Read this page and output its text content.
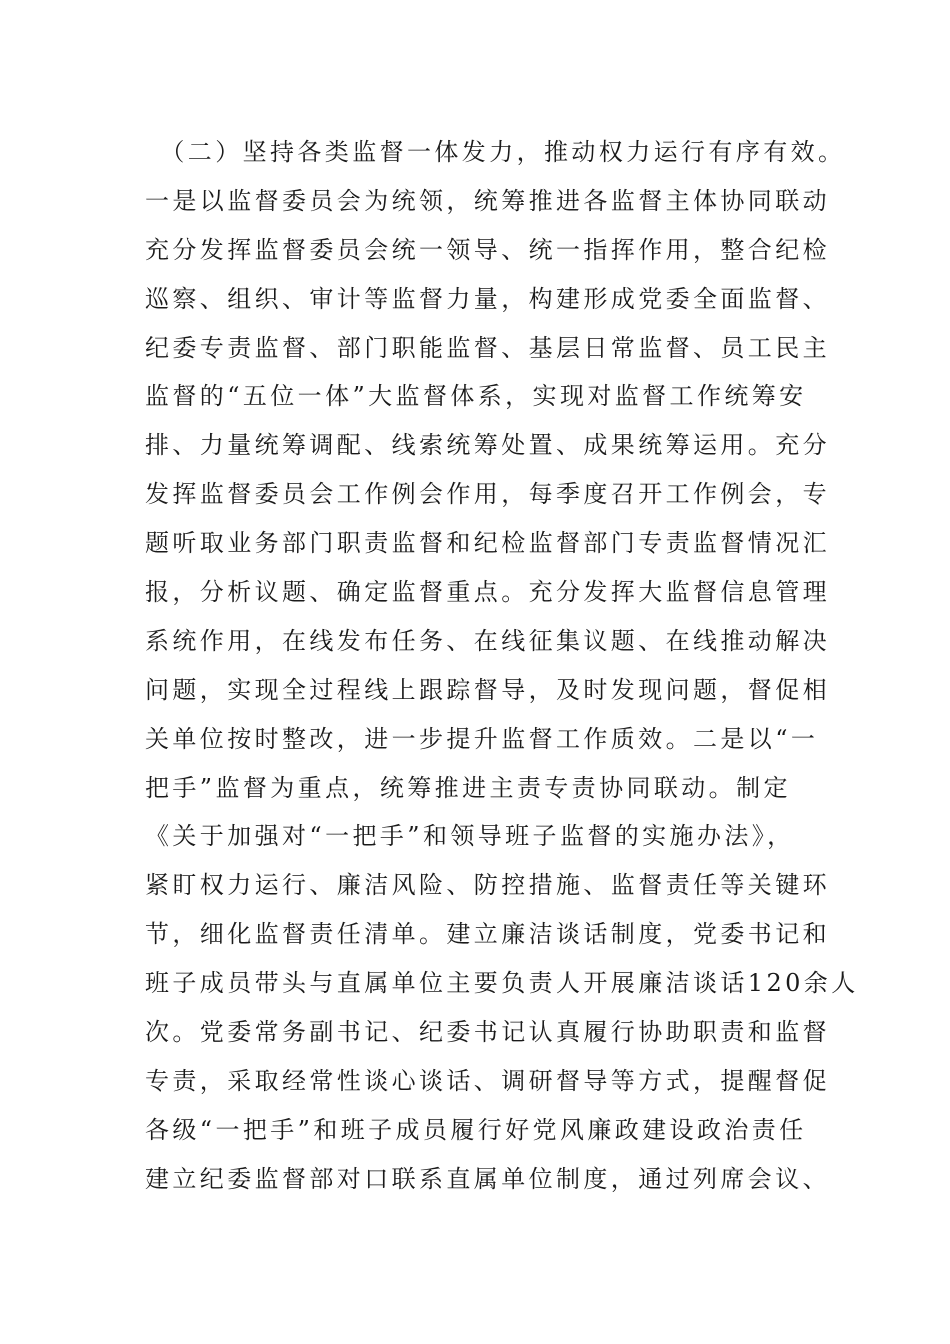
　（二）坚持各类监督一体发力，推动权力运行有序有效。
一是以监督委员会为统领，统筹推进各监督主体协同联动
充分发挥监督委员会统一领导、统一指挥作用，整合纪检
巡察、组织、审计等监督力量，构建形成党委全面监督、
纪委专责监督、部门职能监督、基层日常监督、员工民主
监督的“五位一体”大监督体系，实现对监督工作统筹安
排、力量统筹调配、线索统筹处置、成果统筹运用。充分
发挥监督委员会工作例会作用，每季度召开工作例会，专
题听取业务部门职责监督和纪检监督部门专责监督情况汇
报，分析议题、确定监督重点。充分发挥大监督信息管理
系统作用，在线发布任务、在线征集议题、在线推动解决
问题，实现全过程线上跟踪督导，及时发现问题，督促相
关单位按时整改，进一步提升监督工作质效。二是以“一
把手”监督为重点，统筹推进主责专责协同联动。制定
《关于加强对“一把手”和领导班子监督的实施办法》，
紧盯权力运行、廉洁风险、防控措施、监督责任等关键环
节，细化监督责任清单。建立廉洁谈话制度，党委书记和
班子成员带头与直属单位主要负责人开展廉洁谈话120余人
次。党委常务副书记、纪委书记认真履行协助职责和监督
专责，采取经常性谈心谈话、调研督导等方式，提醒督促
各级“一把手”和班子成员履行好党风廉政建设政治责任
建立纪委监督部对口联系直属单位制度，通过列席会议、
